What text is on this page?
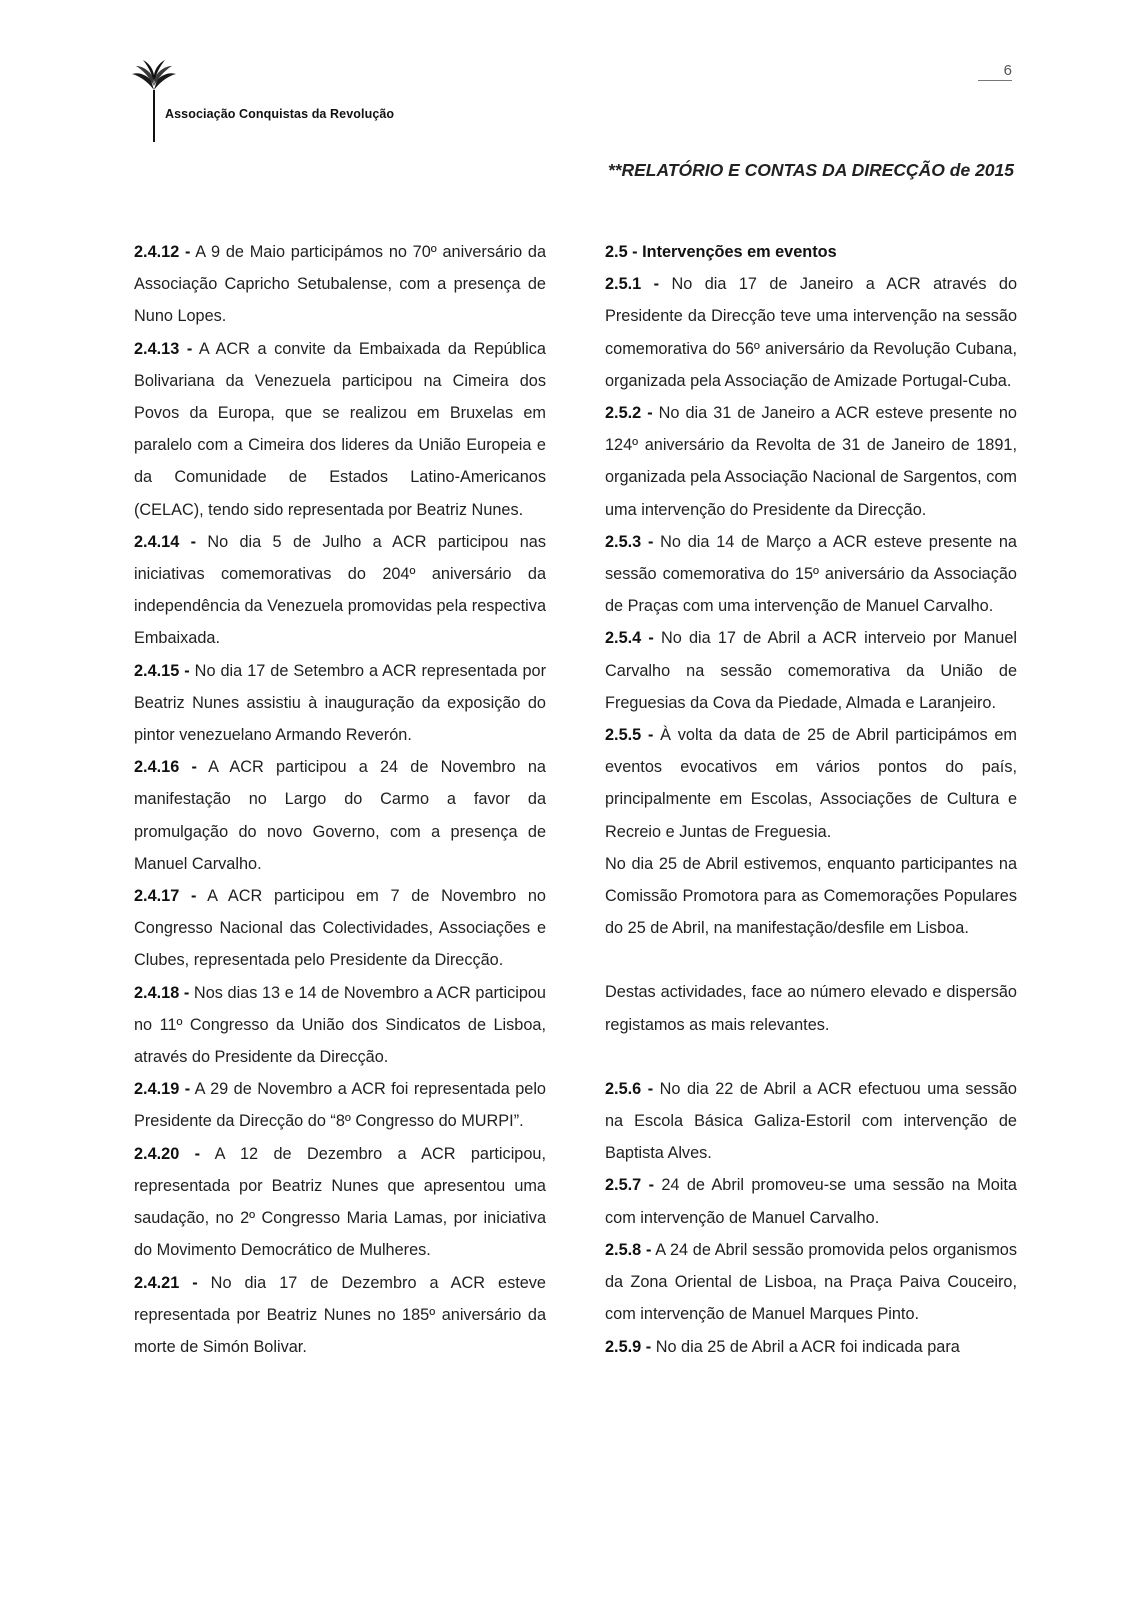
Associação Conquistas da Revolução
6
**RELATÓRIO E CONTAS DA DIRECÇÃO de 2015

2.4.12 - A 9 de Maio participámos no 70º aniversário da Associação Capricho Setubalense, com a presença de Nuno Lopes.

2.4.13 - A ACR a convite da Embaixada da República Bolivariana da Venezuela participou na Cimeira dos Povos da Europa, que se realizou em Bruxelas em paralelo com a Cimeira dos lideres da União Europeia e da Comunidade de Estados Latino-Americanos (CELAC), tendo sido representada por Beatriz Nunes.

2.4.14 - No dia 5 de Julho a ACR participou nas iniciativas comemorativas do 204º aniversário da independência da Venezuela promovidas pela respectiva Embaixada.

2.4.15 - No dia 17 de Setembro a ACR representada por Beatriz Nunes assistiu à inauguração da exposição do pintor venezuelano Armando Reverón.

2.4.16 - A ACR participou a 24 de Novembro na manifestação no Largo do Carmo a favor da promulgação do novo Governo, com a presença de Manuel Carvalho.

2.4.17 - A ACR participou em 7 de Novembro no Congresso Nacional das Colectividades, Associações e Clubes, representada pelo Presidente da Direcção.

2.4.18 - Nos dias 13 e 14 de Novembro a ACR participou no 11º Congresso da União dos Sindicatos de Lisboa, através do Presidente da Direcção.

2.4.19 - A 29 de Novembro a ACR foi representada pelo Presidente da Direcção do “8º Congresso do MURPI”.

2.4.20 - A 12 de Dezembro a ACR participou, representada por Beatriz Nunes que apresentou uma saudação, no 2º Congresso Maria Lamas, por iniciativa do Movimento Democrático de Mulheres.

2.4.21 - No dia 17 de Dezembro a ACR esteve representada por Beatriz Nunes no 185º aniversário da morte de Simón Bolivar.

2.5 - Intervenções em eventos

2.5.1 - No dia 17 de Janeiro a ACR através do Presidente da Direcção teve uma intervenção na sessão comemorativa do 56º aniversário da Revolução Cubana, organizada pela Associação de Amizade Portugal-Cuba.

2.5.2 - No dia 31 de Janeiro a ACR esteve presente no 124º aniversário da Revolta de 31 de Janeiro de 1891, organizada pela Associação Nacional de Sargentos, com uma intervenção do Presidente da Direcção.

2.5.3 - No dia 14 de Março a ACR esteve presente na sessão comemorativa do 15º aniversário da Associação de Praças com uma intervenção de Manuel Carvalho.

2.5.4 - No dia 17 de Abril a ACR interveio por Manuel Carvalho na sessão comemorativa da União de Freguesias da Cova da Piedade, Almada e Laranjeiro.

2.5.5 - À volta da data de 25 de Abril participámos em eventos evocativos em vários pontos do país, principalmente em Escolas, Associações de Cultura e Recreio e Juntas de Freguesia.

No dia 25 de Abril estivemos, enquanto participantes na Comissão Promotora para as Comemorações Populares do 25 de Abril, na manifestação/desfile em Lisboa.

Destas actividades, face ao número elevado e dispersão registamos as mais relevantes.

2.5.6 - No dia 22 de Abril a ACR efectuou uma sessão na Escola Básica Galiza-Estoril com intervenção de Baptista Alves.

2.5.7 - 24 de Abril promoveu-se uma sessão na Moita com intervenção de Manuel Carvalho.

2.5.8 - A 24 de Abril sessão promovida pelos organismos da Zona Oriental de Lisboa, na Praça Paiva Couceiro, com intervenção de Manuel Marques Pinto.

2.5.9 - No dia 25 de Abril a ACR foi indicada para
